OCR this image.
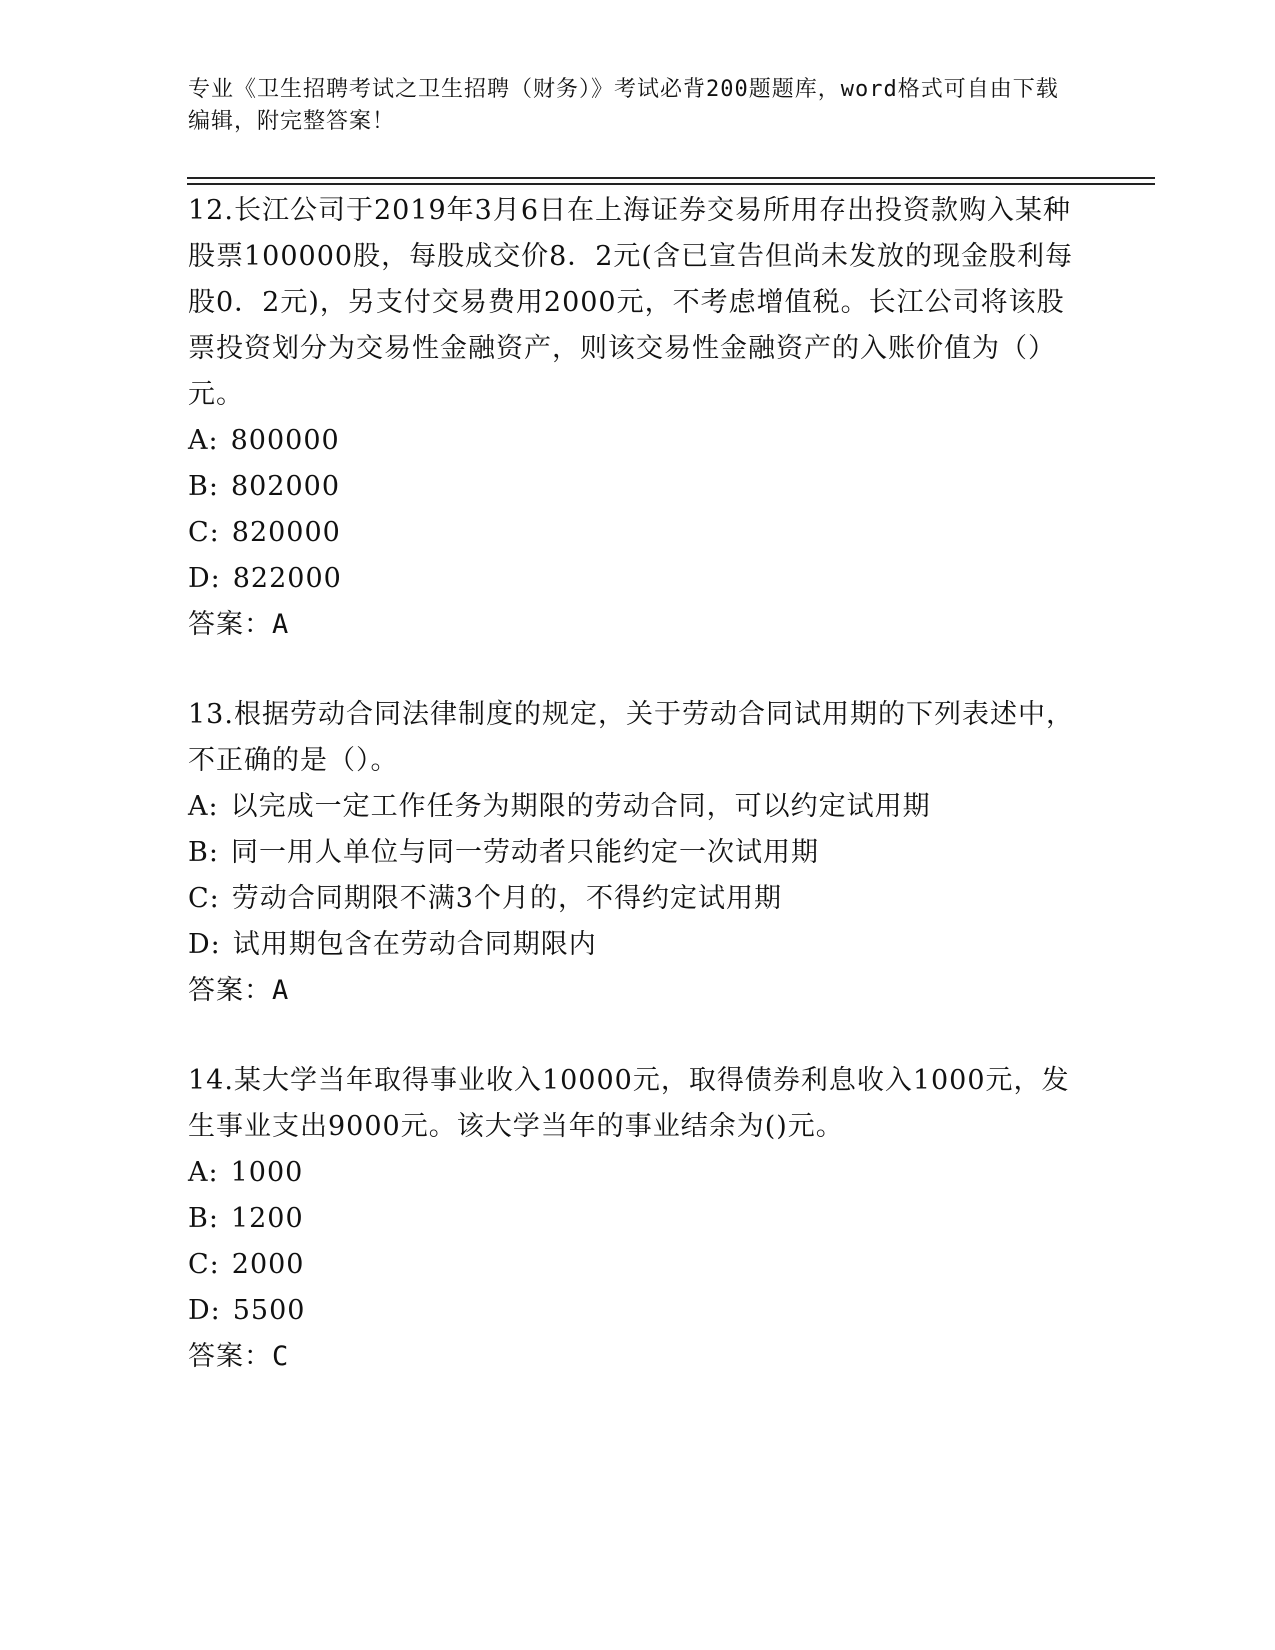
专业《卫生招聘考试之卫生招聘（财务）》考试必背200题题库，word格式可自由下载编辑，附完整答案！

12.长江公司于2019年3月6日在上海证券交易所用存出投资款购入某种股票100000股，每股成交价8．2元(含已宣告但尚未发放的现金股利每股0．2元)，另支付交易费用2000元，不考虑增值税。长江公司将该股票投资划分为交易性金融资产，则该交易性金融资产的入账价值为（）元。

A: 800000

B: 802000

C: 820000

D: 822000

答案：A

13.根据劳动合同法律制度的规定，关于劳动合同试用期的下列表述中，不正确的是（）。

A: 以完成一定工作任务为期限的劳动合同，可以约定试用期

B: 同一用人单位与同一劳动者只能约定一次试用期

C: 劳动合同期限不满3个月的，不得约定试用期

D: 试用期包含在劳动合同期限内

答案：A

14.某大学当年取得事业收入10000元，取得债券利息收入1000元，发生事业支出9000元。该大学当年的事业结余为()元。

A: 1000

B: 1200

C: 2000

D: 5500

答案：C
